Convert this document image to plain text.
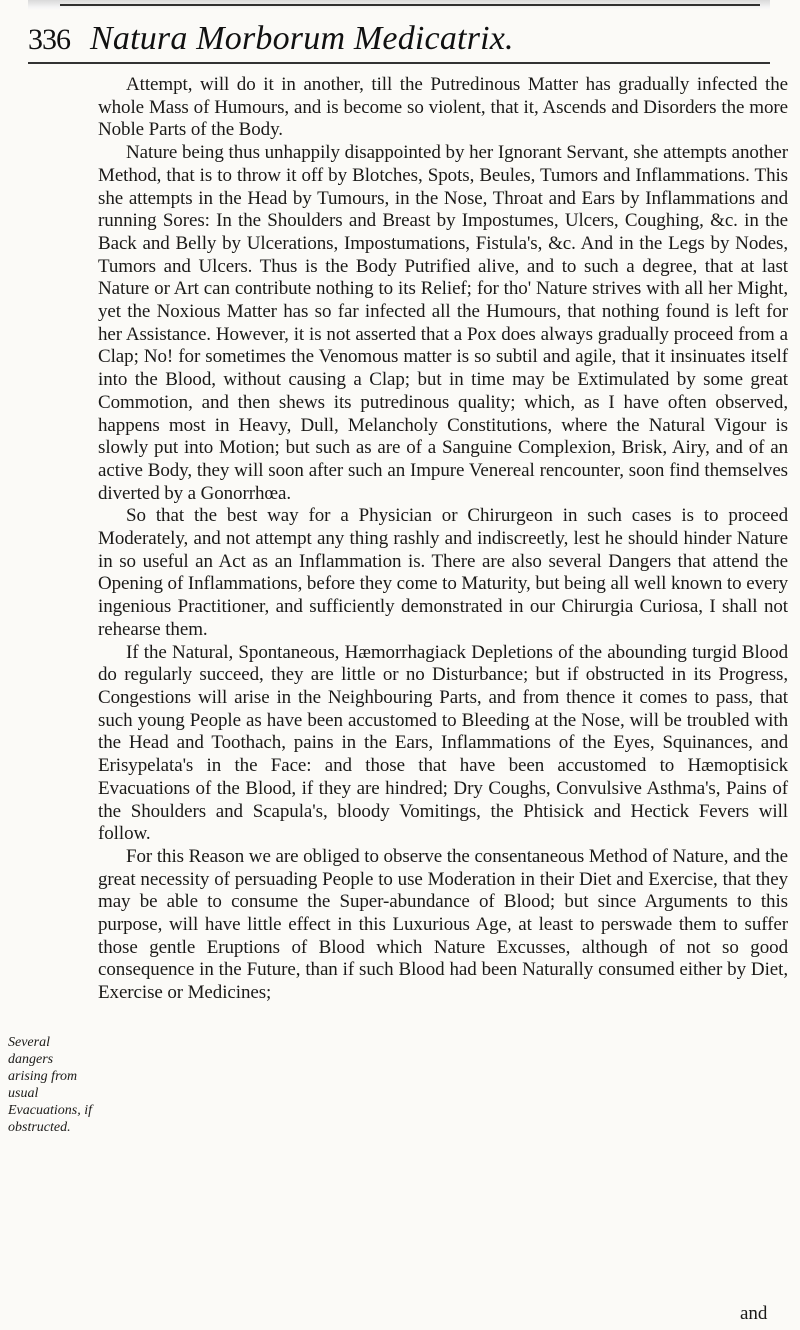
336 Natura Morborum Medicatrix.

Attempt, will do it in another, till the Putredinous Matter has gradually infected the whole Mass of Humours, and is become so violent, that it, Ascends and Disorders the more Noble Parts of the Body.

Nature being thus unhappily disappointed by her Ignorant Servant, she attempts another Method, that is to throw it off by Blotches, Spots, Beules, Tumors and Inflammations. This she attempts in the Head by Tumours, in the Nose, Throat and Ears by Inflammations and running Sores: In the Shoulders and Breast by Impostumes, Ulcers, Coughing, &c. in the Back and Belly by Ulcerations, Impostumations, Fistula's, &c. And in the Legs by Nodes, Tumors and Ulcers. Thus is the Body Putrified alive, and to such a degree, that at last Nature or Art can contribute nothing to its Relief; for tho' Nature strives with all her Might, yet the Noxious Matter has so far infected all the Humours, that nothing found is left for her Assistance. However, it is not asserted that a Pox does always gradually proceed from a Clap; No! for sometimes the Venomous matter is so subtil and agile, that it insinuates itself into the Blood, without causing a Clap; but in time may be Extimulated by some great Commotion, and then shews its putredinous quality; which, as I have often observed, happens most in Heavy, Dull, Melancholy Constitutions, where the Natural Vigour is slowly put into Motion; but such as are of a Sanguine Complexion, Brisk, Airy, and of an active Body, they will soon after such an Impure Venereal rencounter, soon find themselves diverted by a Gonorrhœa.

So that the best way for a Physician or Chirurgeon in such cases is to proceed Moderately, and not attempt any thing rashly and indiscreetly, lest he should hinder Nature in so useful an Act as an Inflammation is. There are also several Dangers that attend the Opening of Inflammations, before they come to Maturity, but being all well known to every ingenious Practitioner, and sufficiently demonstrated in our Chirurgia Curiosa, I shall not rehearse them.

If the Natural, Spontaneous, Hæmorrhagiack Depletions of the abounding turgid Blood do regularly succeed, they are little or no Disturbance; but if obstructed in its Progress, Congestions will arise in the Neighbouring Parts, and from thence it comes to pass, that such young People as have been accustomed to Bleeding at the Nose, will be troubled with the Head and Toothach, pains in the Ears, Inflammations of the Eyes, Squinances, and Erisypelata's in the Face: and those that have been accustomed to Hæmoptisick Evacuations of the Blood, if they are hindred; Dry Coughs, Convulsive Asthma's, Pains of the Shoulders and Scapula's, bloody Vomitings, the Phtisick and Hectick Fevers will follow.

For this Reason we are obliged to observe the consentaneous Method of Nature, and the great necessity of persuading People to use Moderation in their Diet and Exercise, that they may be able to consume the Super-abundance of Blood; but since Arguments to this purpose, will have little effect in this Luxurious Age, at least to perswade them to suffer those gentle Eruptions of Blood which Nature Excusses, although of not so good consequence in the Future, than if such Blood had been Naturally consumed either by Diet, Exercise or Medicines;

Several dangers arising from usual Evacuations, if obstructed.
and
